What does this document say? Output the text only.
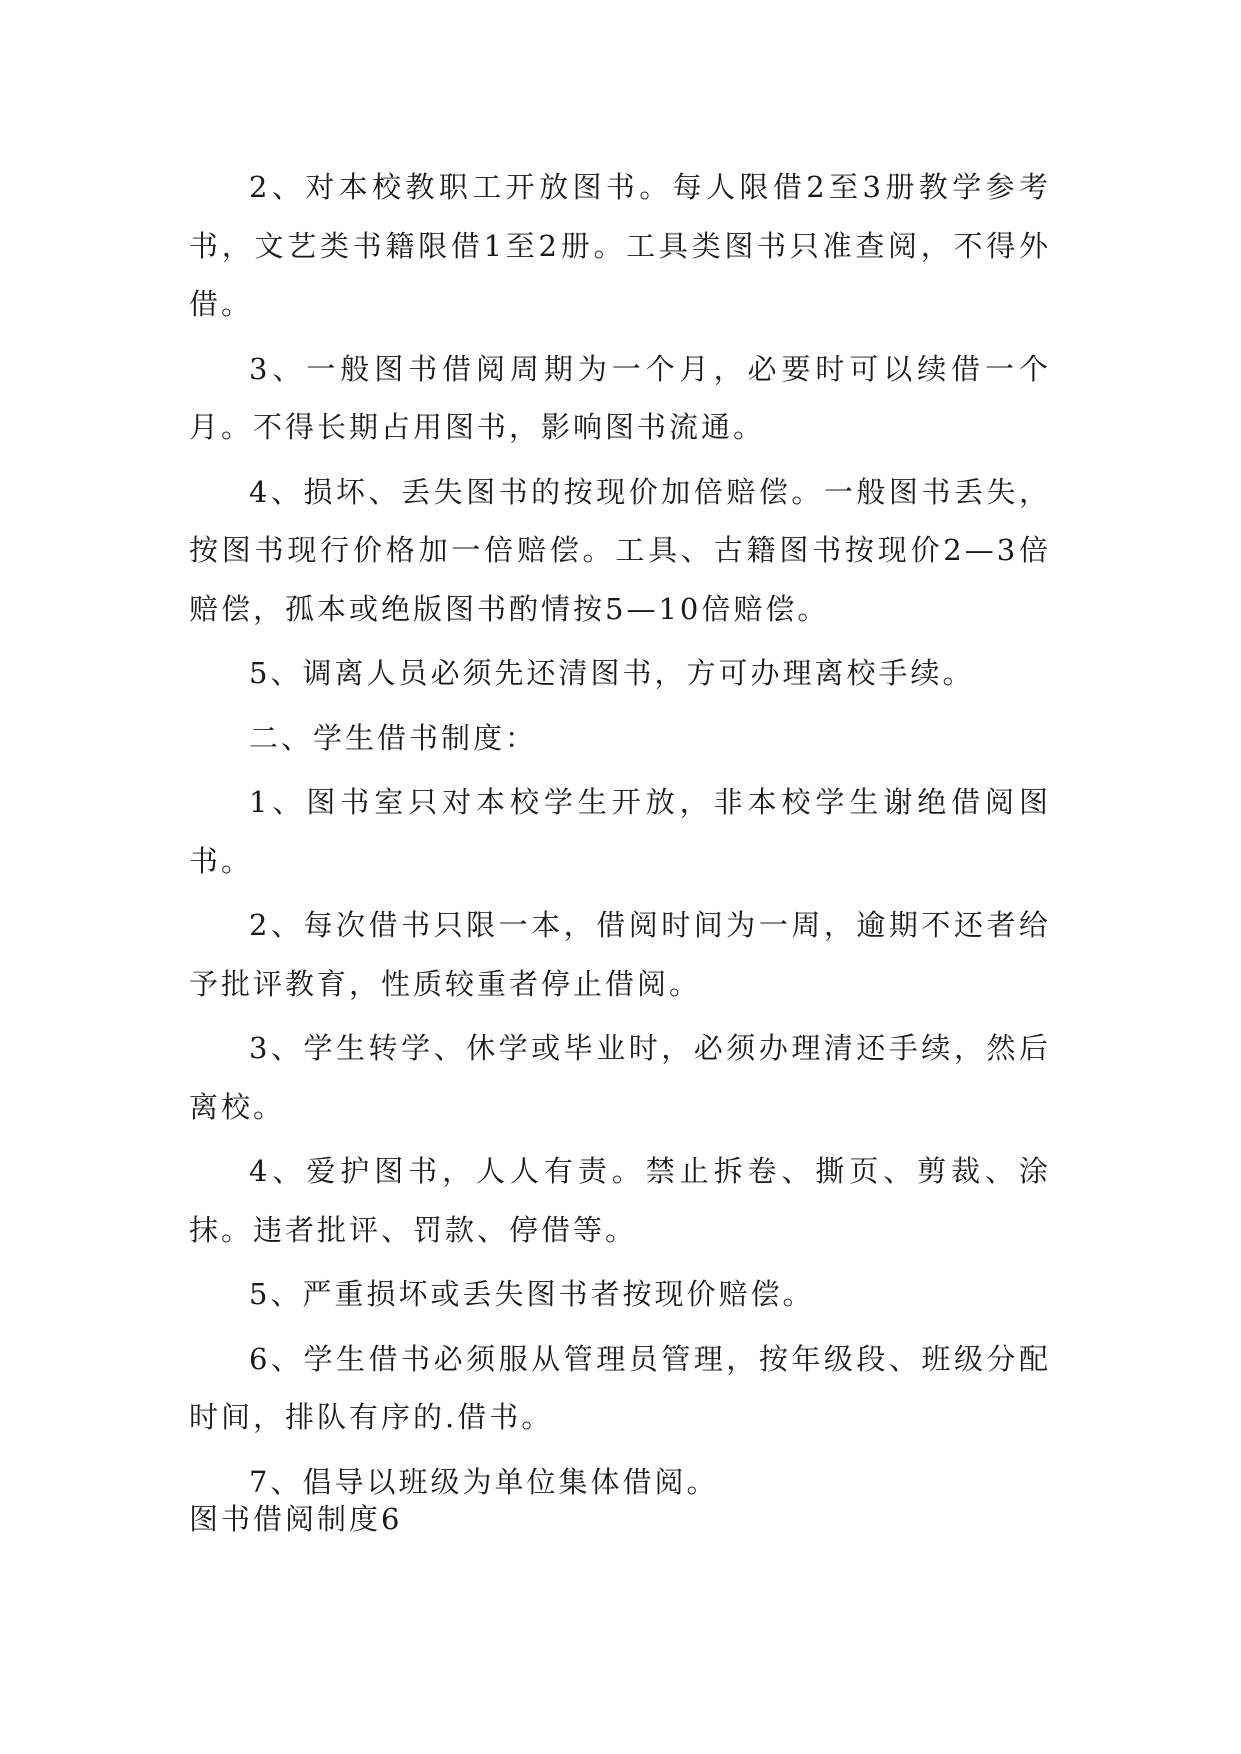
2、对本校教职工开放图书。每人限借2至3册教学参考书，文艺类书籍限借1至2册。工具类图书只准查阅，不得外借。

3、一般图书借阅周期为一个月，必要时可以续借一个月。不得长期占用图书，影响图书流通。

4、损坏、丢失图书的按现价加倍赔偿。一般图书丢失，按图书现行价格加一倍赔偿。工具、古籍图书按现价2—3倍赔偿，孤本或绝版图书酌情按5—10倍赔偿。

5、调离人员必须先还清图书，方可办理离校手续。

二、学生借书制度：

1、图书室只对本校学生开放，非本校学生谢绝借阅图书。

2、每次借书只限一本，借阅时间为一周，逾期不还者给予批评教育，性质较重者停止借阅。

3、学生转学、休学或毕业时，必须办理清还手续，然后离校。

4、爱护图书，人人有责。禁止拆卷、撕页、剪裁、涂抹。违者批评、罚款、停借等。

5、严重损坏或丢失图书者按现价赔偿。

6、学生借书必须服从管理员管理，按年级段、班级分配时间，排队有序的.借书。

7、倡导以班级为单位集体借阅。

图书借阅制度6
